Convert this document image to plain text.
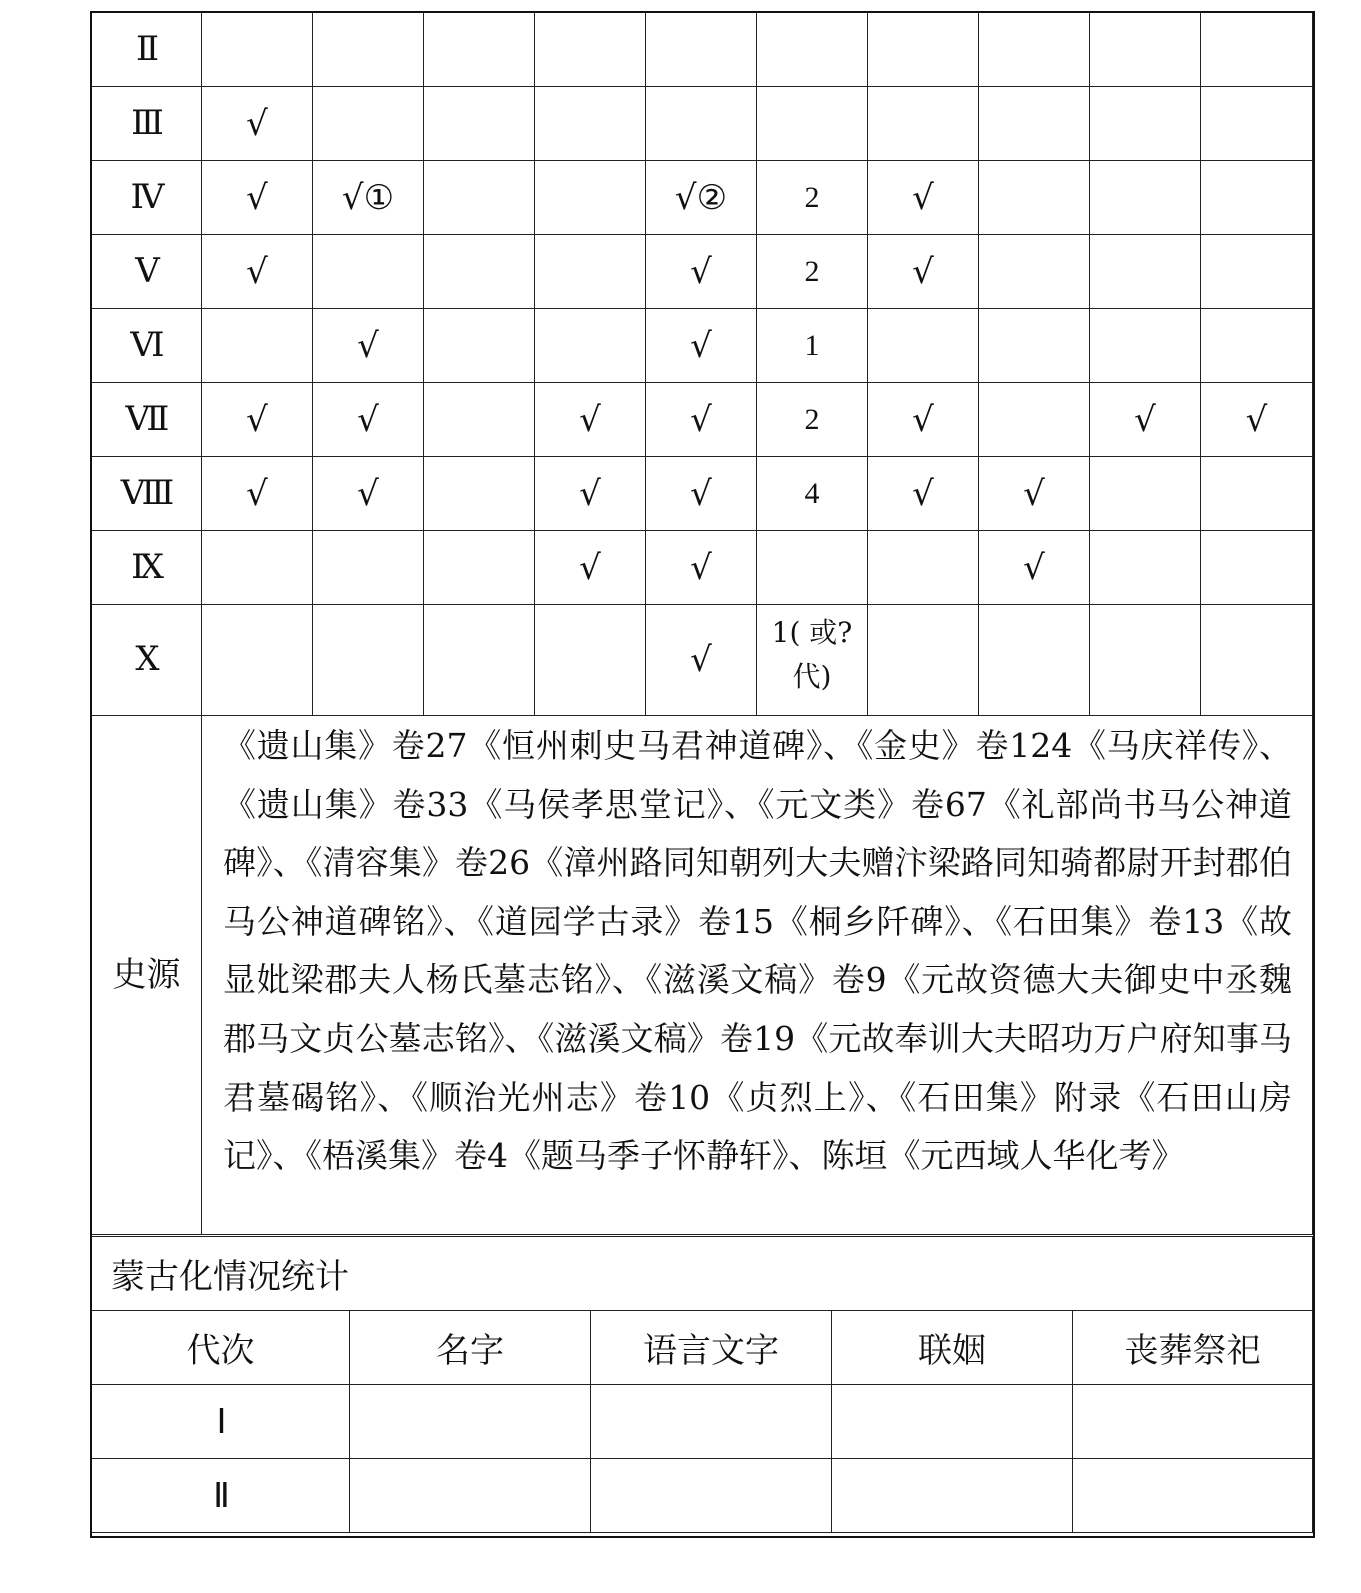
Ⅱ										
Ⅲ	√									
Ⅳ	√	√①			√②	2	√			
Ⅴ	√				√	2	√			
Ⅵ		√			√	1				
Ⅶ	√	√		√	√	2	√		√	√
Ⅷ	√	√		√	√	4	√	√		
Ⅸ				√	√			√		
Ⅹ					√	1( 或?代)				
史源	《遗山集》卷27《恒州刺史马君神道碑》、《金史》卷124《马庆祥传》、《遗山集》卷33《马侯孝思堂记》、《元文类》卷67《礼部尚书马公神道碑》、《清容集》卷26《漳州路同知朝列大夫赠汴梁路同知骑都尉开封郡伯马公神道碑铭》、《道园学古录》卷15《桐乡阡碑》、《石田集》卷13《故显妣梁郡夫人杨氏墓志铭》、《滋溪文稿》卷9《元故资德大夫御史中丞魏郡马文贞公墓志铭》、《滋溪文稿》卷19《元故奉训大夫昭功万户府知事马君墓碣铭》、《顺治光州志》卷10《贞烈上》、《石田集》附录《石田山房记》、《梧溪集》卷4《题马季子怀静轩》、陈垣《元西域人华化考》									
蒙古化情况统计				
代次	名字	语言文字	联姻	丧葬祭祀
Ⅰ				
Ⅱ				
